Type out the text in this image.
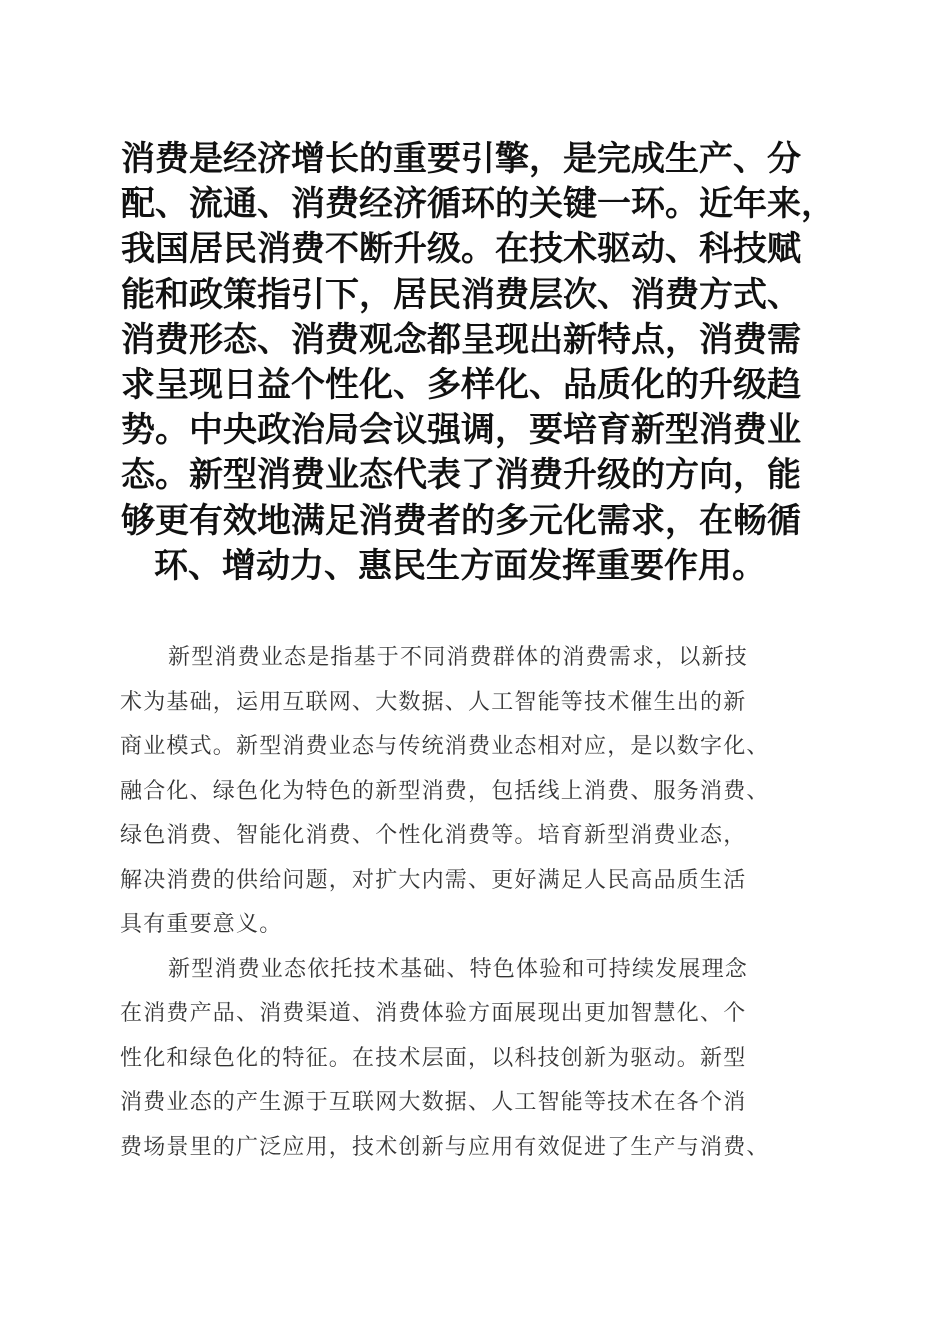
消费是经济增长的重要引擎，是完成生产、分
配、流通、消费经济循环的关键一环。近年来，
我国居民消费不断升级。在技术驱动、科技赋
能和政策指引下，居民消费层次、消费方式、
消费形态、消费观念都呈现出新特点，消费需
求呈现日益个性化、多样化、品质化的升级趋
势。中央政治局会议强调，要培育新型消费业
态。新型消费业态代表了消费升级的方向，能
够更有效地满足消费者的多元化需求，在畅循
环、增动力、惠民生方面发挥重要作用。
新型消费业态是指基于不同消费群体的消费需求，以新技
术为基础，运用互联网、大数据、人工智能等技术催生出的新
商业模式。新型消费业态与传统消费业态相对应，是以数字化、
融合化、绿色化为特色的新型消费，包括线上消费、服务消费、
绿色消费、智能化消费、个性化消费等。培育新型消费业态，
解决消费的供给问题，对扩大内需、更好满足人民高品质生活
具有重要意义。
新型消费业态依托技术基础、特色体验和可持续发展理念
在消费产品、消费渠道、消费体验方面展现出更加智慧化、个
性化和绿色化的特征。在技术层面，以科技创新为驱动。新型
消费业态的产生源于互联网大数据、人工智能等技术在各个消
费场景里的广泛应用，技术创新与应用有效促进了生产与消费、
